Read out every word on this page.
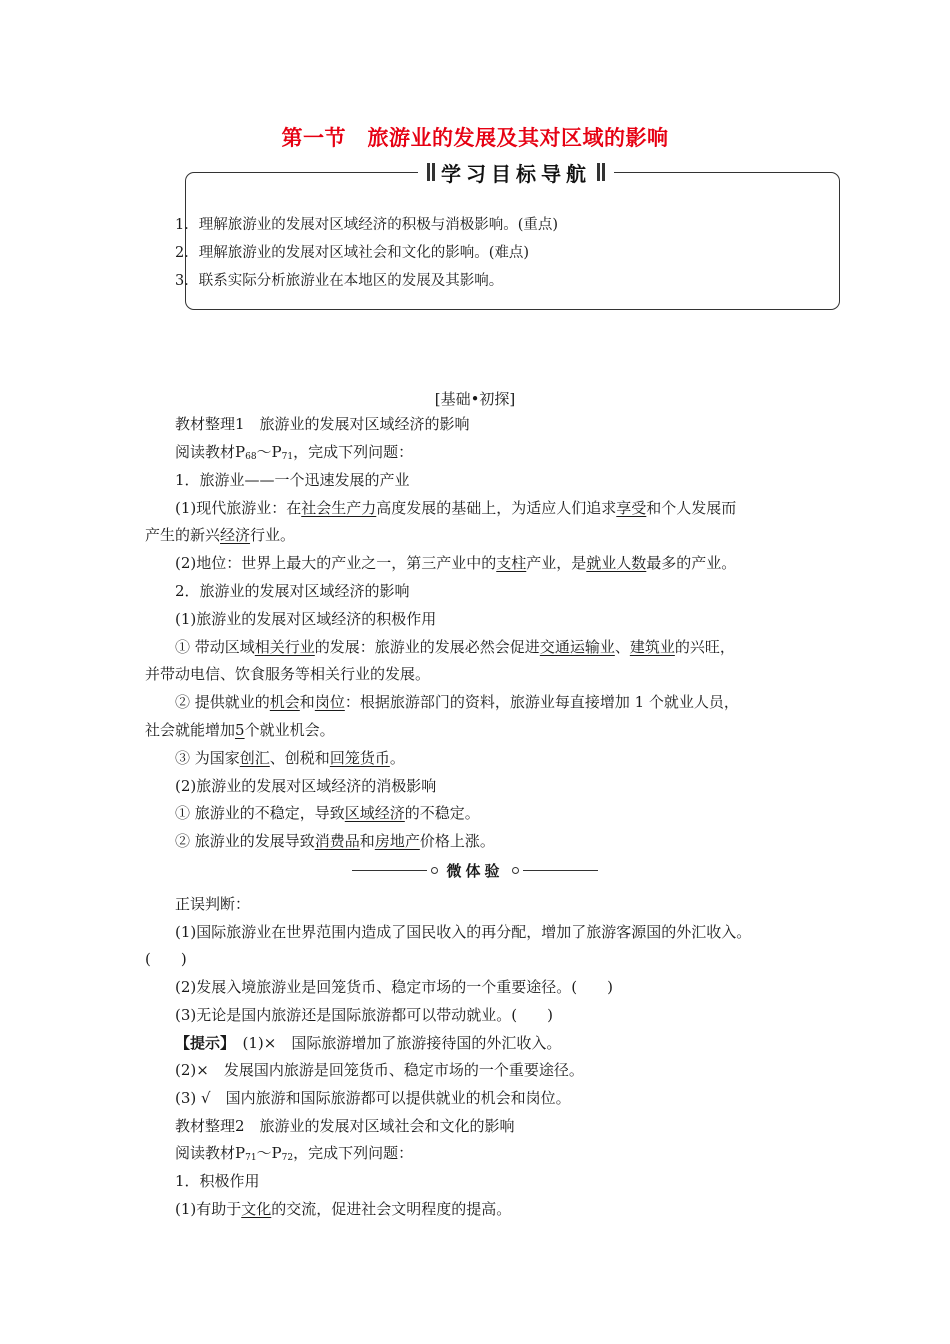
第一节　旅游业的发展及其对区域的影响
学习目标导航
1．理解旅游业的发展对区域经济的积极与消极影响。(重点)
2．理解旅游业的发展对区域社会和文化的影响。(难点)
3．联系实际分析旅游业在本地区的发展及其影响。
[基础•初探]
教材整理1　旅游业的发展对区域经济的影响
阅读教材$P_{68}\sim P_{71}$，完成下列问题：
1．旅游业——一个迅速发展的产业
(1)现代旅游业：在社会生产力高度发展的基础上，为适应人们追求享受和个人发展而
产生的新兴经济行业。
(2)地位：世界上最大的产业之一，第三产业中的支柱产业，是就业人数最多的产业。
2．旅游业的发展对区域经济的影响
(1)旅游业的发展对区域经济的积极作用
① 带动区域相关行业的发展：旅游业的发展必然会促进交通运输业、建筑业的兴旺，
并带动电信、饮食服务等相关行业的发展。
② 提供就业的机会和岗位：根据旅游部门的资料，旅游业每直接增加 1 个就业人员，
社会就能增加5个就业机会。
③ 为国家创汇、创税和回笼货币。
(2)旅游业的发展对区域经济的消极影响
① 旅游业的不稳定，导致区域经济的不稳定。
② 旅游业的发展导致消费品和房地产价格上涨。
微体验
正误判断：
(1)国际旅游业在世界范围内造成了国民收入的再分配，增加了旅游客源国的外汇收入。
(　　)
(2)发展入境旅游业是回笼货币、稳定市场的一个重要途径。(　　)
(3)无论是国内旅游还是国际旅游都可以带动就业。(　　)
【提示】　(1)×　国际旅游增加了旅游接待国的外汇收入。
(2)×　发展国内旅游是回笼货币、稳定市场的一个重要途径。
(3) √　国内旅游和国际旅游都可以提供就业的机会和岗位。
教材整理2　旅游业的发展对区域社会和文化的影响
阅读教材$P_{71}\sim P_{72}$，完成下列问题：
1．积极作用
(1)有助于文化的交流，促进社会文明程度的提高。
